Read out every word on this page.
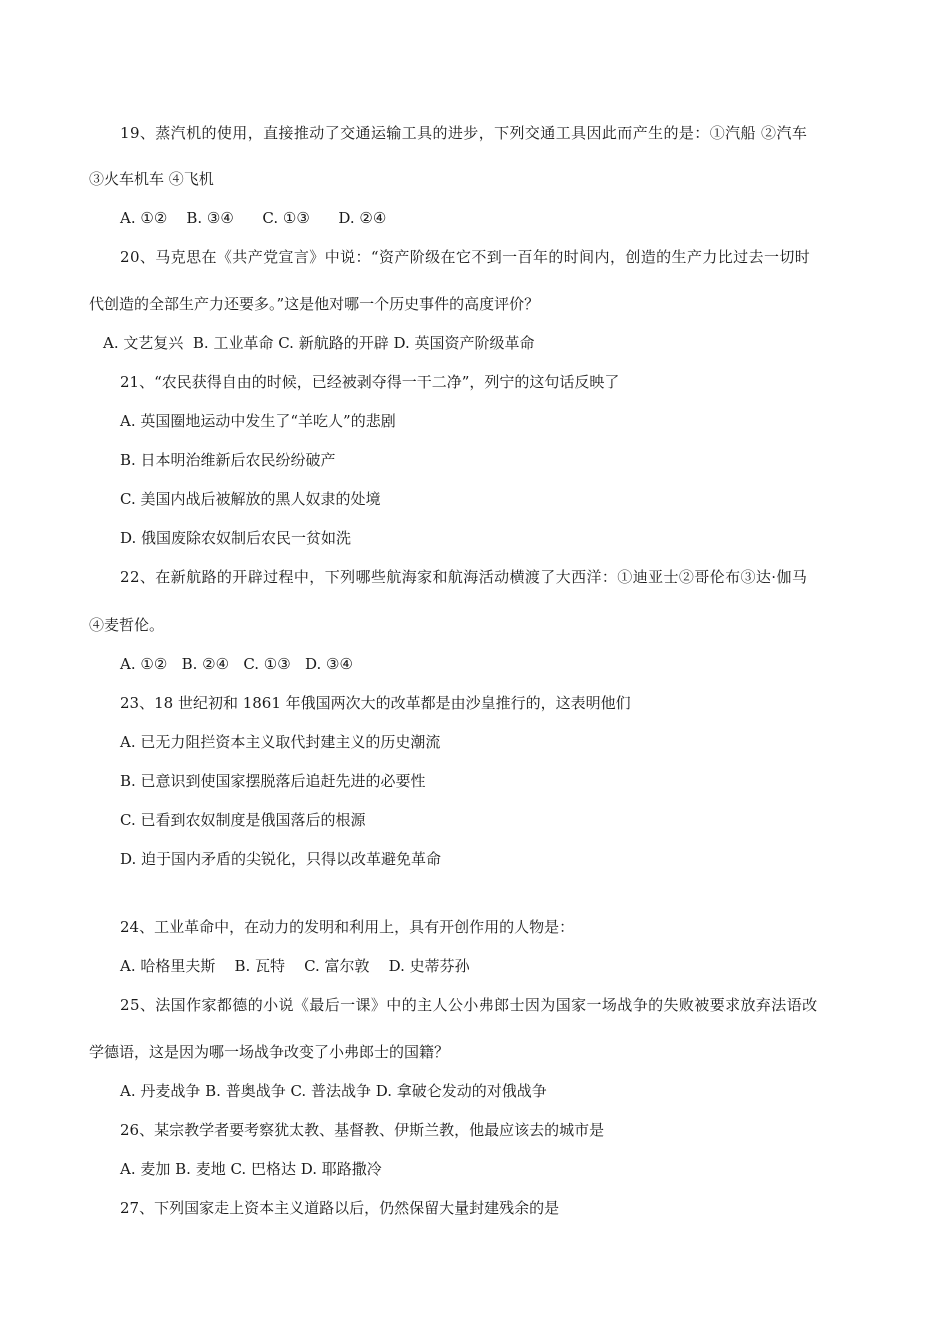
19、蒸汽机的使用，直接推动了交通运输工具的进步，下列交通工具因此而产生的是：①汽船 ②汽车
③火车机车 ④飞机
A. ①②    B. ③④      C. ①③      D. ②④
20、马克思在《共产党宣言》中说：“资产阶级在它不到一百年的时间内，创造的生产力比过去一切时
代创造的全部生产力还要多。”这是他对哪一个历史事件的高度评价？
A. 文艺复兴  B. 工业革命 C. 新航路的开辟 D. 英国资产阶级革命
21、“农民获得自由的时候，已经被剥夺得一干二净”，列宁的这句话反映了
A. 英国圈地运动中发生了“羊吃人”的悲剧
B. 日本明治维新后农民纷纷破产
C. 美国内战后被解放的黑人奴隶的处境
D. 俄国废除农奴制后农民一贫如洗
22、在新航路的开辟过程中，下列哪些航海家和航海活动横渡了大西洋：①迪亚士②哥伦布③达·伽马
④麦哲伦。
A. ①②   B. ②④   C. ①③   D. ③④
23、18 世纪初和 1861 年俄国两次大的改革都是由沙皇推行的，这表明他们
A. 已无力阻拦资本主义取代封建主义的历史潮流
B. 已意识到使国家摆脱落后追赶先进的必要性
C. 已看到农奴制度是俄国落后的根源
D. 迫于国内矛盾的尖锐化，只得以改革避免革命
24、工业革命中，在动力的发明和利用上，具有开创作用的人物是：
A. 哈格里夫斯    B. 瓦特    C. 富尔敦    D. 史蒂芬孙
25、法国作家都德的小说《最后一课》中的主人公小弗郎士因为国家一场战争的失败被要求放弃法语改
学德语，这是因为哪一场战争改变了小弗郎士的国籍？
A. 丹麦战争 B. 普奥战争 C. 普法战争 D. 拿破仑发动的对俄战争
26、某宗教学者要考察犹太教、基督教、伊斯兰教，他最应该去的城市是
A. 麦加 B. 麦地 C. 巴格达 D. 耶路撒冷
27、下列国家走上资本主义道路以后，仍然保留大量封建残余的是
